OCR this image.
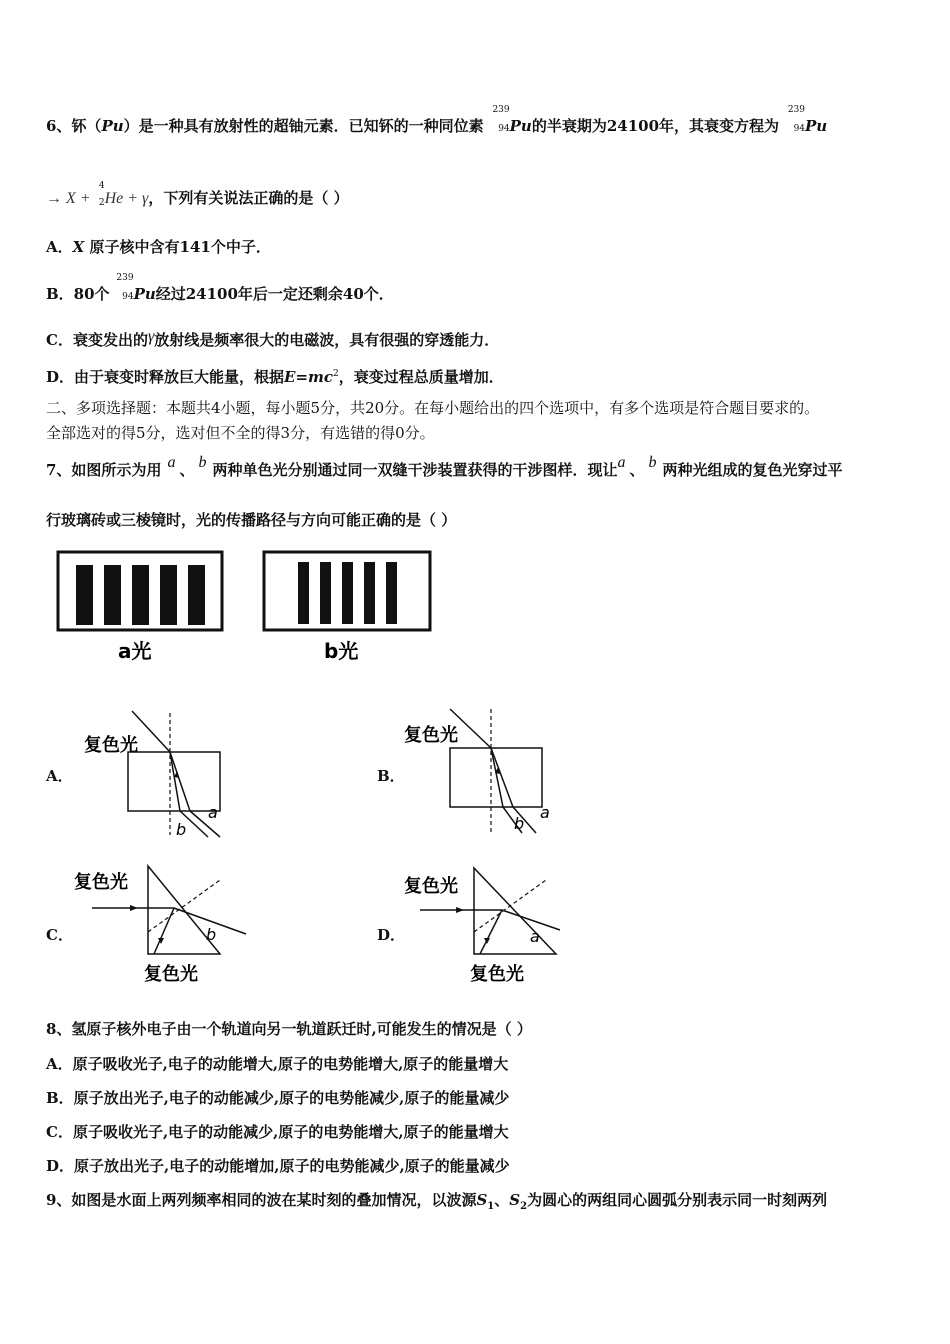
6、钚（Pu）是一种具有放射性的超铀元素．已知钚的一种同位素
239
94 Pu的半衰期为24100年，其衰变方程为
239
94 Pu
→ X +
4
2 He + γ，下列有关说法正确的是（ ）
A．X 原子核中含有141个中子．
B．80个
239
94 Pu经过24100年后一定还剩余40个．
C．衰变发出的γ放射线是频率很大的电磁波，具有很强的穿透能力．
D．由于衰变时释放巨大能量，根据$E=mc^2$，衰变过程总质量增加．
二、多项选择题：本题共4小题，每小题5分，共20分。在每小题给出的四个选项中，有多个选项是符合题目要求的。
全部选对的得5分，选对但不全的得3分，有选错的得0分。
7、如图所示为用 a 、 b 两种单色光分别通过同一双缝干涉装置获得的干涉图样．现让a 、 b 两种光组成的复色光穿过平
行玻璃砖或三棱镜时，光的传播路径与方向可能正确的是（ ）
a光	b光
A．	B．
C．	D．
复色光
a
b
复色光
a
b
复色光
b
复色光
复色光
a
复色光
8、氢原子核外电子由一个轨道向另一轨道跃迁时,可能发生的情况是（ ）
A．原子吸收光子,电子的动能增大,原子的电势能增大,原子的能量增大
B．原子放出光子,电子的动能减少,原子的电势能减少,原子的能量减少
C．原子吸收光子,电子的动能减少,原子的电势能增大,原子的能量增大
D．原子放出光子,电子的动能增加,原子的电势能减少,原子的能量减少
9、如图是水面上两列频率相同的波在某时刻的叠加情况，以波源$S_1$、$S_2$为圆心的两组同心圆弧分别表示同一时刻两列
